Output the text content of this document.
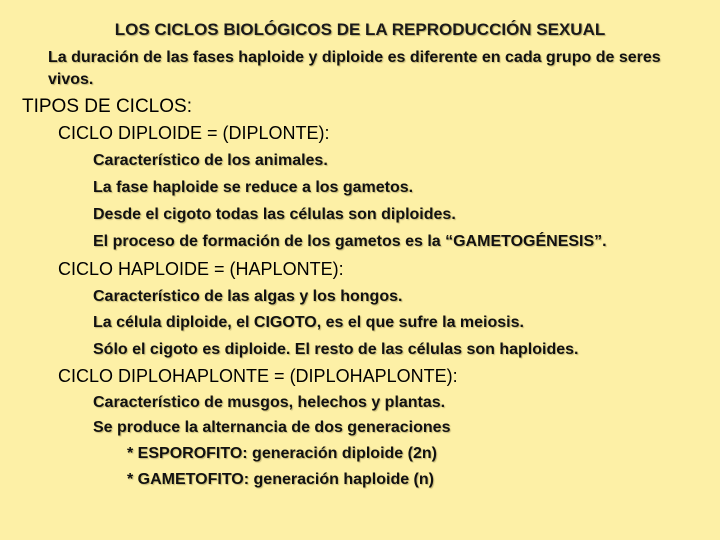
LOS CICLOS BIOLÓGICOS DE LA REPRODUCCIÓN SEXUAL
La duración de las fases haploide y diploide es diferente en cada grupo de seres vivos.
TIPOS DE CICLOS:
CICLO DIPLOIDE = (DIPLONTE):
Característico de los animales.
La fase haploide se reduce a los gametos.
Desde el cigoto todas las células son diploides.
El proceso de formación de los gametos es la “GAMETOGÉNESIS”.
CICLO HAPLOIDE = (HAPLONTE):
Característico de las algas y los hongos.
La célula diploide, el CIGOTO, es el que sufre la meiosis.
Sólo el cigoto es diploide. El resto de las células son haploides.
CICLO DIPLOHAPLONTE = (DIPLOHAPLONTE):
Característico de musgos, helechos y plantas.
Se produce la alternancia de dos generaciones
* ESPOROFITO: generación diploide (2n)
* GAMETOFITO: generación haploide (n)
